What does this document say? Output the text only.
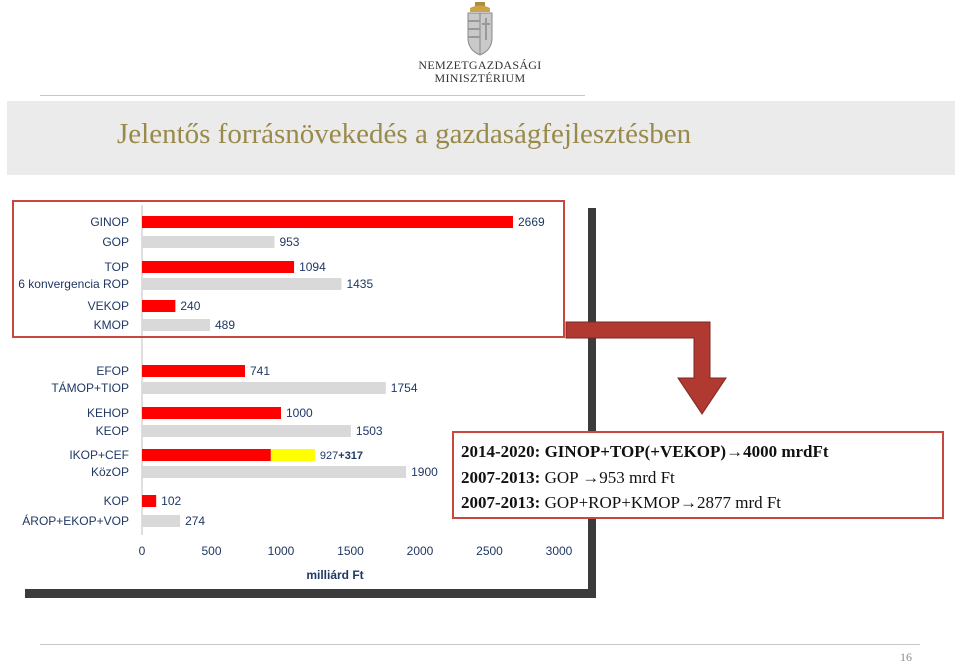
NEMZETGAZDASÁGI
MINISZTÉRIUM
Jelentős forrásnövekedés a gazdaságfejlesztésben
GINOP	2669
GOP	953
TOP	1094
6 konvergencia ROP	1435
VEKOP	240
KMOP	489
EFOP	741
TÁMOP+TIOP	1754
KEHOP	1000
KEOP	1503
IKOP+CEF	927+317
KözOP	1900
KOP	102
ÁROP+EKOP+VOP	274
0	500	1000	1500	2000	2500	3000
milliárd Ft
2014-2020: GINOP+TOP(+VEKOP)→4000 mrdFt
2007-2013: GOP →953 mrd Ft
2007-2013: GOP+ROP+KMOP→2877 mrd Ft
16
